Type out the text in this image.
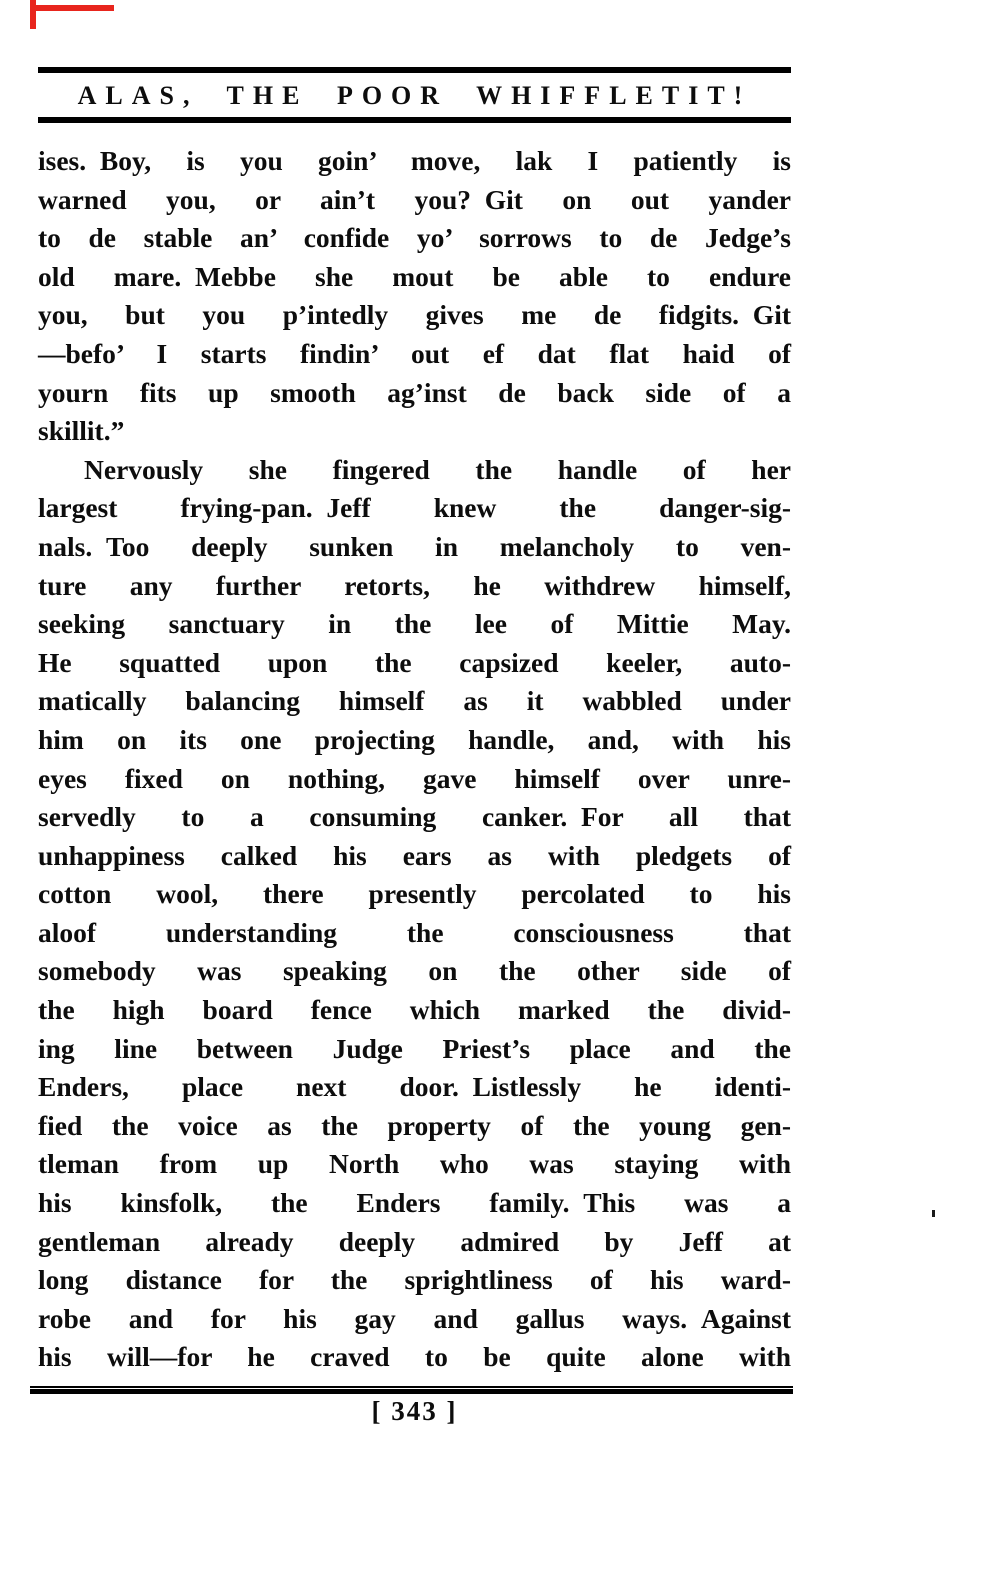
ALAS, THE POOR WHIFFLETIT!
ises. Boy, is you goin’ move, lak I patiently is
warned you, or ain’t you? Git on out yander
to de stable an’ confide yo’ sorrows to de Jedge’s
old mare. Mebbe she mout be able to endure
you, but you p’intedly gives me de fidgits. Git
—befo’ I starts findin’ out ef dat flat haid of
yourn fits up smooth ag’inst de back side of a
skillit.”
Nervously she fingered the handle of her
largest frying-pan. Jeff knew the danger-sig-
nals. Too deeply sunken in melancholy to ven-
ture any further retorts, he withdrew himself,
seeking sanctuary in the lee of Mittie May.
He squatted upon the capsized keeler, auto-
matically balancing himself as it wabbled under
him on its one projecting handle, and, with his
eyes fixed on nothing, gave himself over unre-
servedly to a consuming canker. For all that
unhappiness calked his ears as with pledgets of
cotton wool, there presently percolated to his
aloof understanding the consciousness that
somebody was speaking on the other side of
the high board fence which marked the divid-
ing line between Judge Priest’s place and the
Enders, place next door. Listlessly he identi-
fied the voice as the property of the young gen-
tleman from up North who was staying with
his kinsfolk, the Enders family. This was a
gentleman already deeply admired by Jeff at
long distance for the sprightliness of his ward-
robe and for his gay and gallus ways. Against
his will—for he craved to be quite alone with
[ 343 ]
